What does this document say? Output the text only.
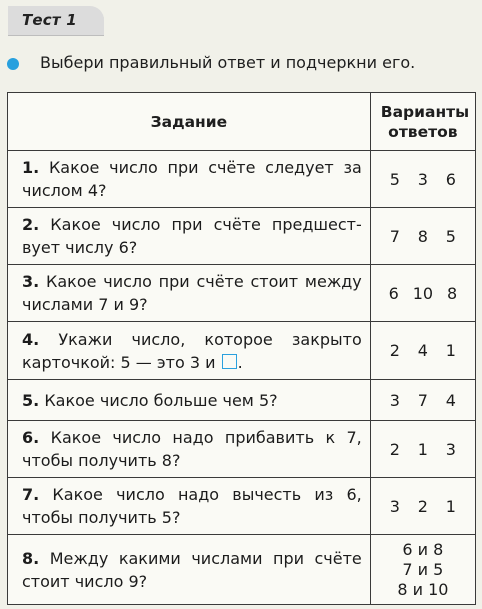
Тест 1
Выбери правильный ответ и подчеркни его.
Задание	Варианты ответов
1. Какое число при счёте следует за числом 4?	5 3 6
2. Какое число при счёте предшест-вует числу 6?	7 8 5
3. Какое число при счёте стоит между числами 7 и 9?	6 10 8
4. Укажи число, которое закрыто карточкой: 5 — это 3 и .	2 4 1
5. Какое число больше чем 5?	3 7 4
6. Какое число надо прибавить к 7, чтобы получить 8?	2 1 3
7. Какое число надо вычесть из 6, чтобы получить 5?	3 2 1
8. Между какими числами при счёте стоит число 9?	6 и 8
7 и 5
8 и 10
